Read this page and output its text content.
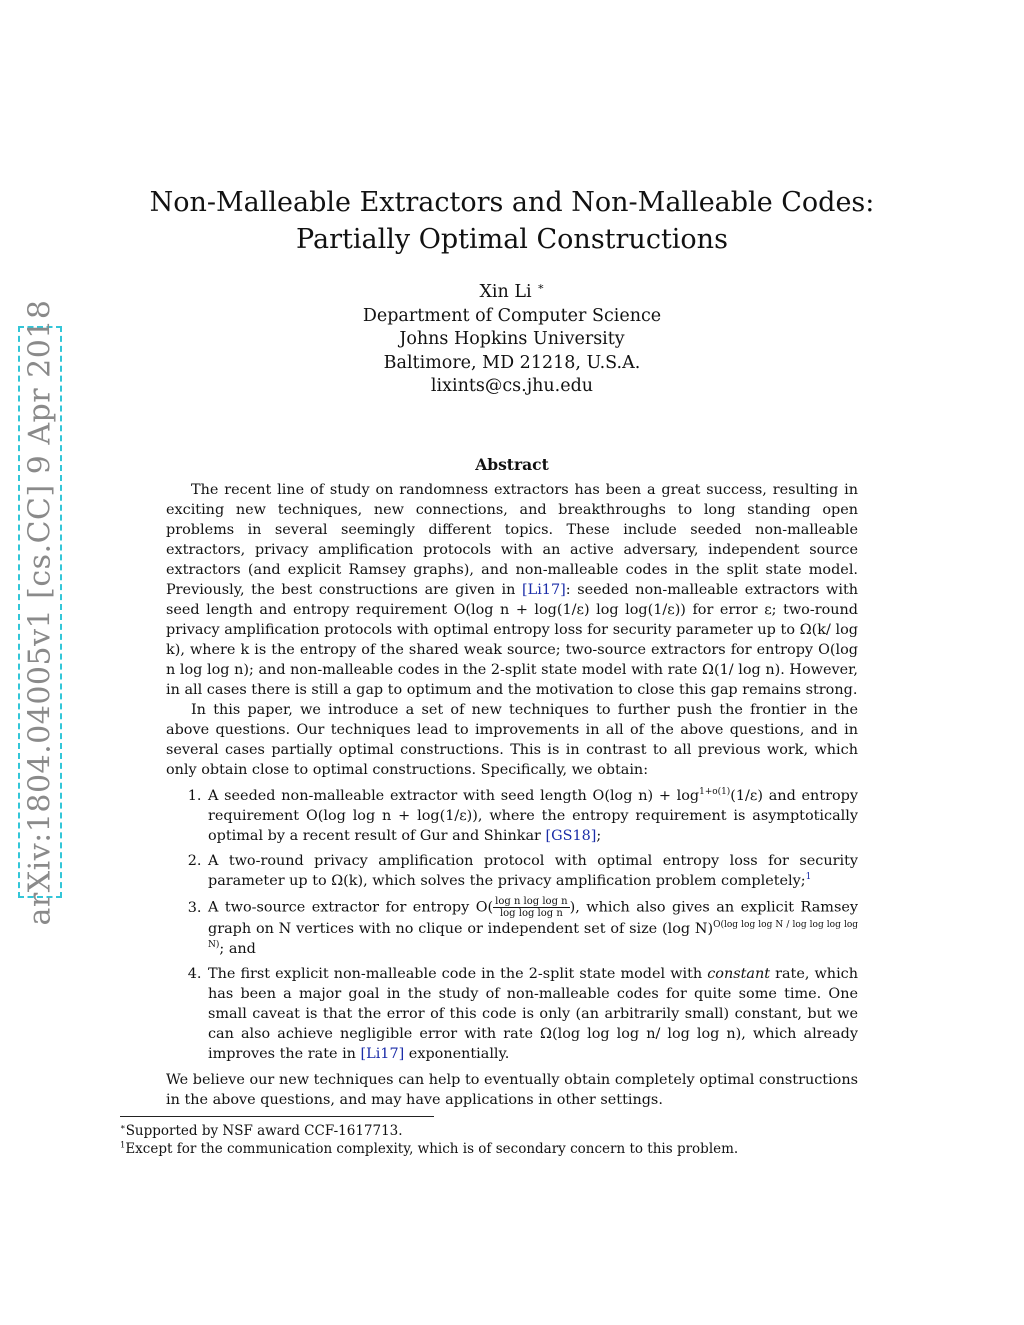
arXiv:1804.04005v1 [cs.CC] 9 Apr 2018
Non-Malleable Extractors and Non-Malleable Codes: Partially Optimal Constructions
Xin Li ∗
Department of Computer Science
Johns Hopkins University
Baltimore, MD 21218, U.S.A.
lixints@cs.jhu.edu
Abstract

The recent line of study on randomness extractors has been a great success, resulting in exciting new techniques, new connections, and breakthroughs to long standing open problems in several seemingly different topics. These include seeded non-malleable extractors, privacy amplification protocols with an active adversary, independent source extractors (and explicit Ramsey graphs), and non-malleable codes in the split state model. Previously, the best constructions are given in [Li17]: seeded non-malleable extractors with seed length and entropy requirement O(log n + log(1/ε) log log(1/ε)) for error ε; two-round privacy amplification protocols with optimal entropy loss for security parameter up to Ω(k/ log k), where k is the entropy of the shared weak source; two-source extractors for entropy O(log n log log n); and non-malleable codes in the 2-split state model with rate Ω(1/ log n). However, in all cases there is still a gap to optimum and the motivation to close this gap remains strong.

In this paper, we introduce a set of new techniques to further push the frontier in the above questions. Our techniques lead to improvements in all of the above questions, and in several cases partially optimal constructions. This is in contrast to all previous work, which only obtain close to optimal constructions. Specifically, we obtain:

1. A seeded non-malleable extractor with seed length O(log $n) + \log^{1+o(1)}(1/\varepsilon)$ and entropy requirement O(log log n + log(1/ε)), where the entropy requirement is asymptotically optimal by a recent result of Gur and Shinkar [GS18];
2. A two-round privacy amplification protocol with optimal entropy loss for security parameter up to Ω(k), which solves the privacy amplification problem completely;$^1$
3. A two-source extractor for entropy $O( \frac{\text{log n log log n}}{\text{log log log n}}$ ), which also gives an explicit Ramsey graph on N vertices with no clique or independent set of size (log N)$^{O(log log log N / log log log log N)}$; and
4. The first explicit non-malleable code in the 2-split state model with constant rate, which has been a major goal in the study of non-malleable codes for quite some time. One small caveat is that the error of this code is only (an arbitrarily small) constant, but we can also achieve negligible error with rate Ω(log log log n/ log log n), which already improves the rate in [Li17] exponentially.

We believe our new techniques can help to eventually obtain completely optimal constructions in the above questions, and may have applications in other settings.

∗Supported by NSF award CCF-1617713.
$^1$Except for the communication complexity, which is of secondary concern to this problem.
